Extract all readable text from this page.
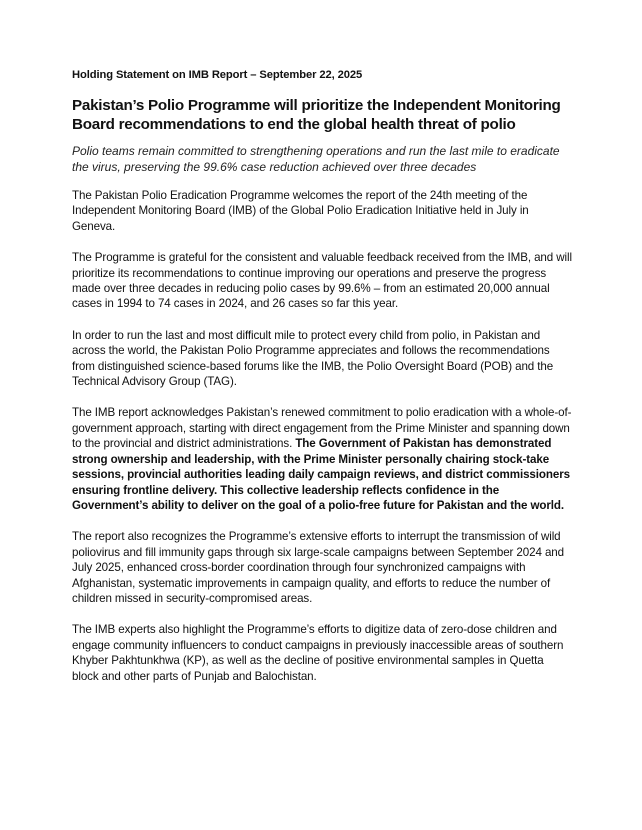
Holding Statement on IMB Report – September 22, 2025
Pakistan’s Polio Programme will prioritize the Independent Monitoring Board recommendations to end the global health threat of polio
Polio teams remain committed to strengthening operations and run the last mile to eradicate the virus, preserving the 99.6% case reduction achieved over three decades

The Pakistan Polio Eradication Programme welcomes the report of the 24th meeting of the Independent Monitoring Board (IMB) of the Global Polio Eradication Initiative held in July in Geneva.

The Programme is grateful for the consistent and valuable feedback received from the IMB, and will prioritize its recommendations to continue improving our operations and preserve the progress made over three decades in reducing polio cases by 99.6% – from an estimated 20,000 annual cases in 1994 to 74 cases in 2024, and 26 cases so far this year.

In order to run the last and most difficult mile to protect every child from polio, in Pakistan and across the world, the Pakistan Polio Programme appreciates and follows the recommendations from distinguished science-based forums like the IMB, the Polio Oversight Board (POB) and the Technical Advisory Group (TAG).

The IMB report acknowledges Pakistan’s renewed commitment to polio eradication with a whole-of-government approach, starting with direct engagement from the Prime Minister and spanning down to the provincial and district administrations. The Government of Pakistan has demonstrated strong ownership and leadership, with the Prime Minister personally chairing stock-take sessions, provincial authorities leading daily campaign reviews, and district commissioners ensuring frontline delivery. This collective leadership reflects confidence in the Government’s ability to deliver on the goal of a polio-free future for Pakistan and the world.

The report also recognizes the Programme’s extensive efforts to interrupt the transmission of wild poliovirus and fill immunity gaps through six large-scale campaigns between September 2024 and July 2025, enhanced cross-border coordination through four synchronized campaigns with Afghanistan, systematic improvements in campaign quality, and efforts to reduce the number of children missed in security-compromised areas.

The IMB experts also highlight the Programme’s efforts to digitize data of zero-dose children and engage community influencers to conduct campaigns in previously inaccessible areas of southern Khyber Pakhtunkhwa (KP), as well as the decline of positive environmental samples in Quetta block and other parts of Punjab and Balochistan.
